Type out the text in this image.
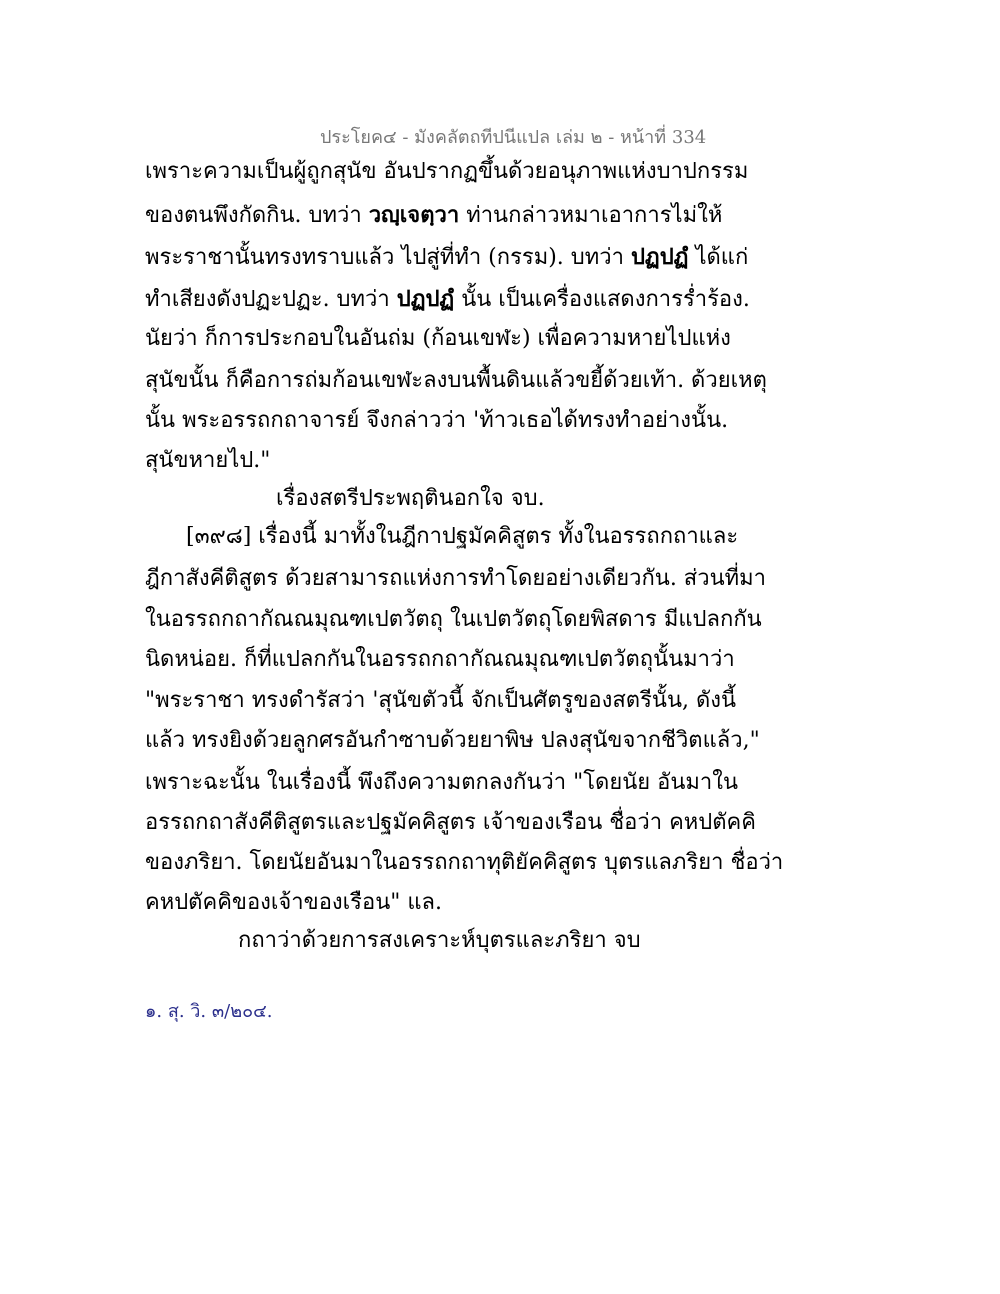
ประโยค๔ - มังคลัตถทีปนีแปล เล่ม ๒ - หน้าที่ 334
เพราะความเป็นผู้ถูกสุนัข อันปรากฏขึ้นด้วยอนุภาพแห่งบาปกรรม
ของตนพึงกัดกิน. บทว่า วญฺเจตฺวา ท่านกล่าวหมาเอาการไม่ให้
พระราชานั้นทรงทราบแล้ว ไปสู่ที่ทำ (กรรม). บทว่า ปฏปฏํ ได้แก่
ทำเสียงดังปฏะปฏะ. บทว่า ปฏปฏํ นั้น เป็นเครื่องแสดงการร่ำร้อง.
นัยว่า ก็การประกอบในอันถ่ม (ก้อนเขฬะ) เพื่อความหายไปแห่ง
สุนัขนั้น ก็คือการถ่มก้อนเขฬะลงบนพื้นดินแล้วขยี้ด้วยเท้า. ด้วยเหตุ
นั้น พระอรรถกถาจารย์ จึงกล่าวว่า 'ท้าวเธอได้ทรงทำอย่างนั้น.
สุนัขหายไป."
เรื่องสตรีประพฤตินอกใจ จบ.
[๓๙๘] เรื่องนี้ มาทั้งในฎีกาปฐมัคคิสูตร ทั้งในอรรถกถาและ
ฎีกาสังคีติสูตร ด้วยสามารถแห่งการทำโดยอย่างเดียวกัน. ส่วนที่มา
ในอรรถกถากัณณมุณฑเปตวัตถุ ในเปตวัตถุโดยพิสดาร มีแปลกกัน
นิดหน่อย. ก็ที่แปลกกันในอรรถกถากัณณมุณฑเปตวัตถุนั้นมาว่า
"พระราชา ทรงดำรัสว่า 'สุนัขตัวนี้ จักเป็นศัตรูของสตรีนั้น, ดังนี้
แล้ว ทรงยิงด้วยลูกศรอันกำซาบด้วยยาพิษ ปลงสุนัขจากชีวิตแล้ว,"
เพราะฉะนั้น ในเรื่องนี้ พึงถึงความตกลงกันว่า "โดยนัย อันมาใน
อรรถกถาสังคีติสูตรและปฐมัคคิสูตร เจ้าของเรือน ชื่อว่า คหปตัคคิ
ของภริยา. โดยนัยอันมาในอรรถกถาทุติยัคคิสูตร บุตรแลภริยา ชื่อว่า
คหปตัคคิของเจ้าของเรือน" แล.
กถาว่าด้วยการสงเคราะห์บุตรและภริยา จบ
๑. สุ. วิ. ๓/๒๐๔.
